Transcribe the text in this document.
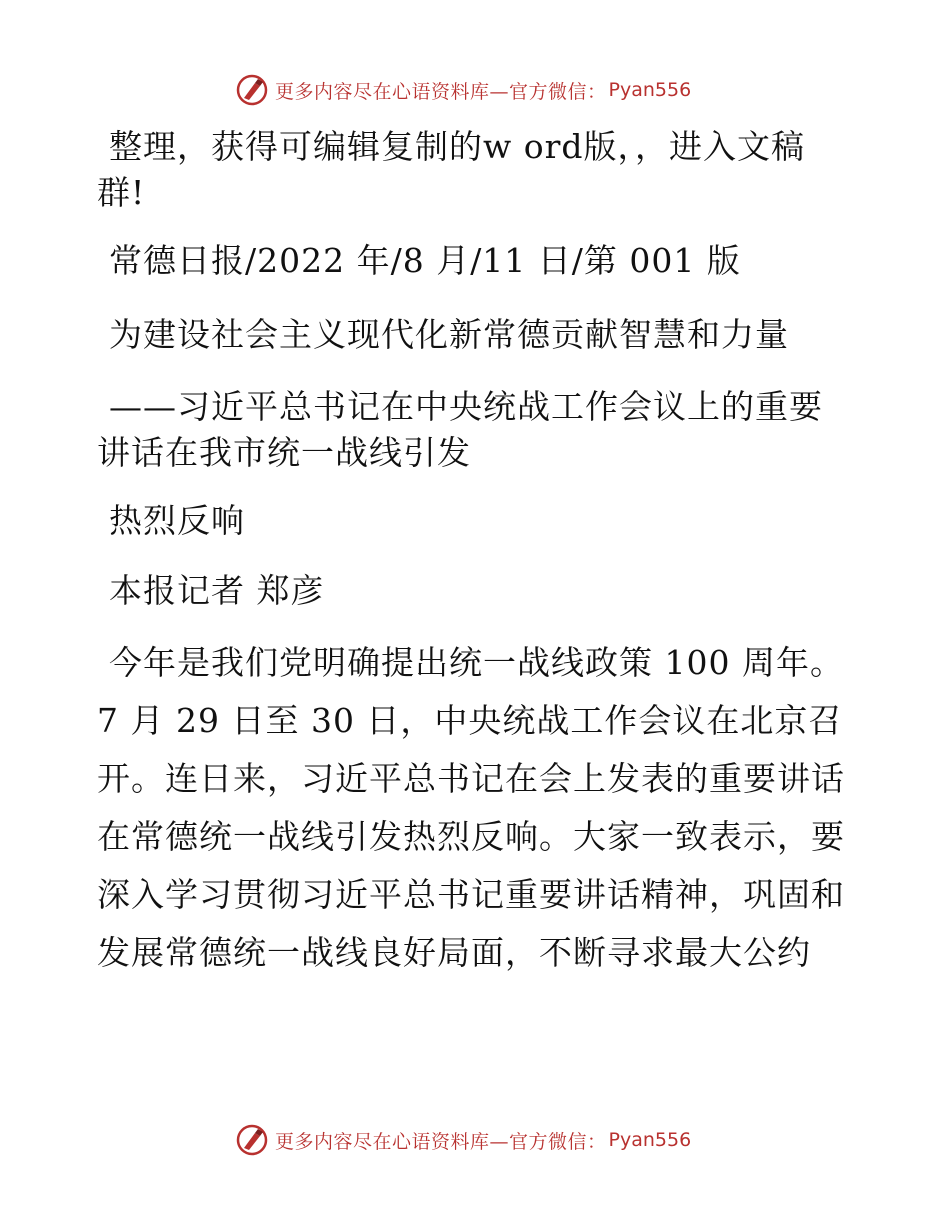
更多内容尽在心语资料库—官方微信： Pyan556

整理，获得可编辑复制的w ord版，，进入文稿

群!

常德日报/2022 年/8 月/11 日/第 001 版

为建设社会主义现代化新常德贡献智慧和力量

——习近平总书记在中央统战工作会议上的重要

讲话在我市统一战线引发

热烈反响

本报记者 郑彦

今年是我们党明确提出统一战线政策 100 周年。

7 月 29 日至 30 日，中央统战工作会议在北京召

开。连日来，习近平总书记在会上发表的重要讲话

在常德统一战线引发热烈反响。大家一致表示，要

深入学习贯彻习近平总书记重要讲话精神，巩固和

发展常德统一战线良好局面，不断寻求最大公约

更多内容尽在心语资料库—官方微信： Pyan556
